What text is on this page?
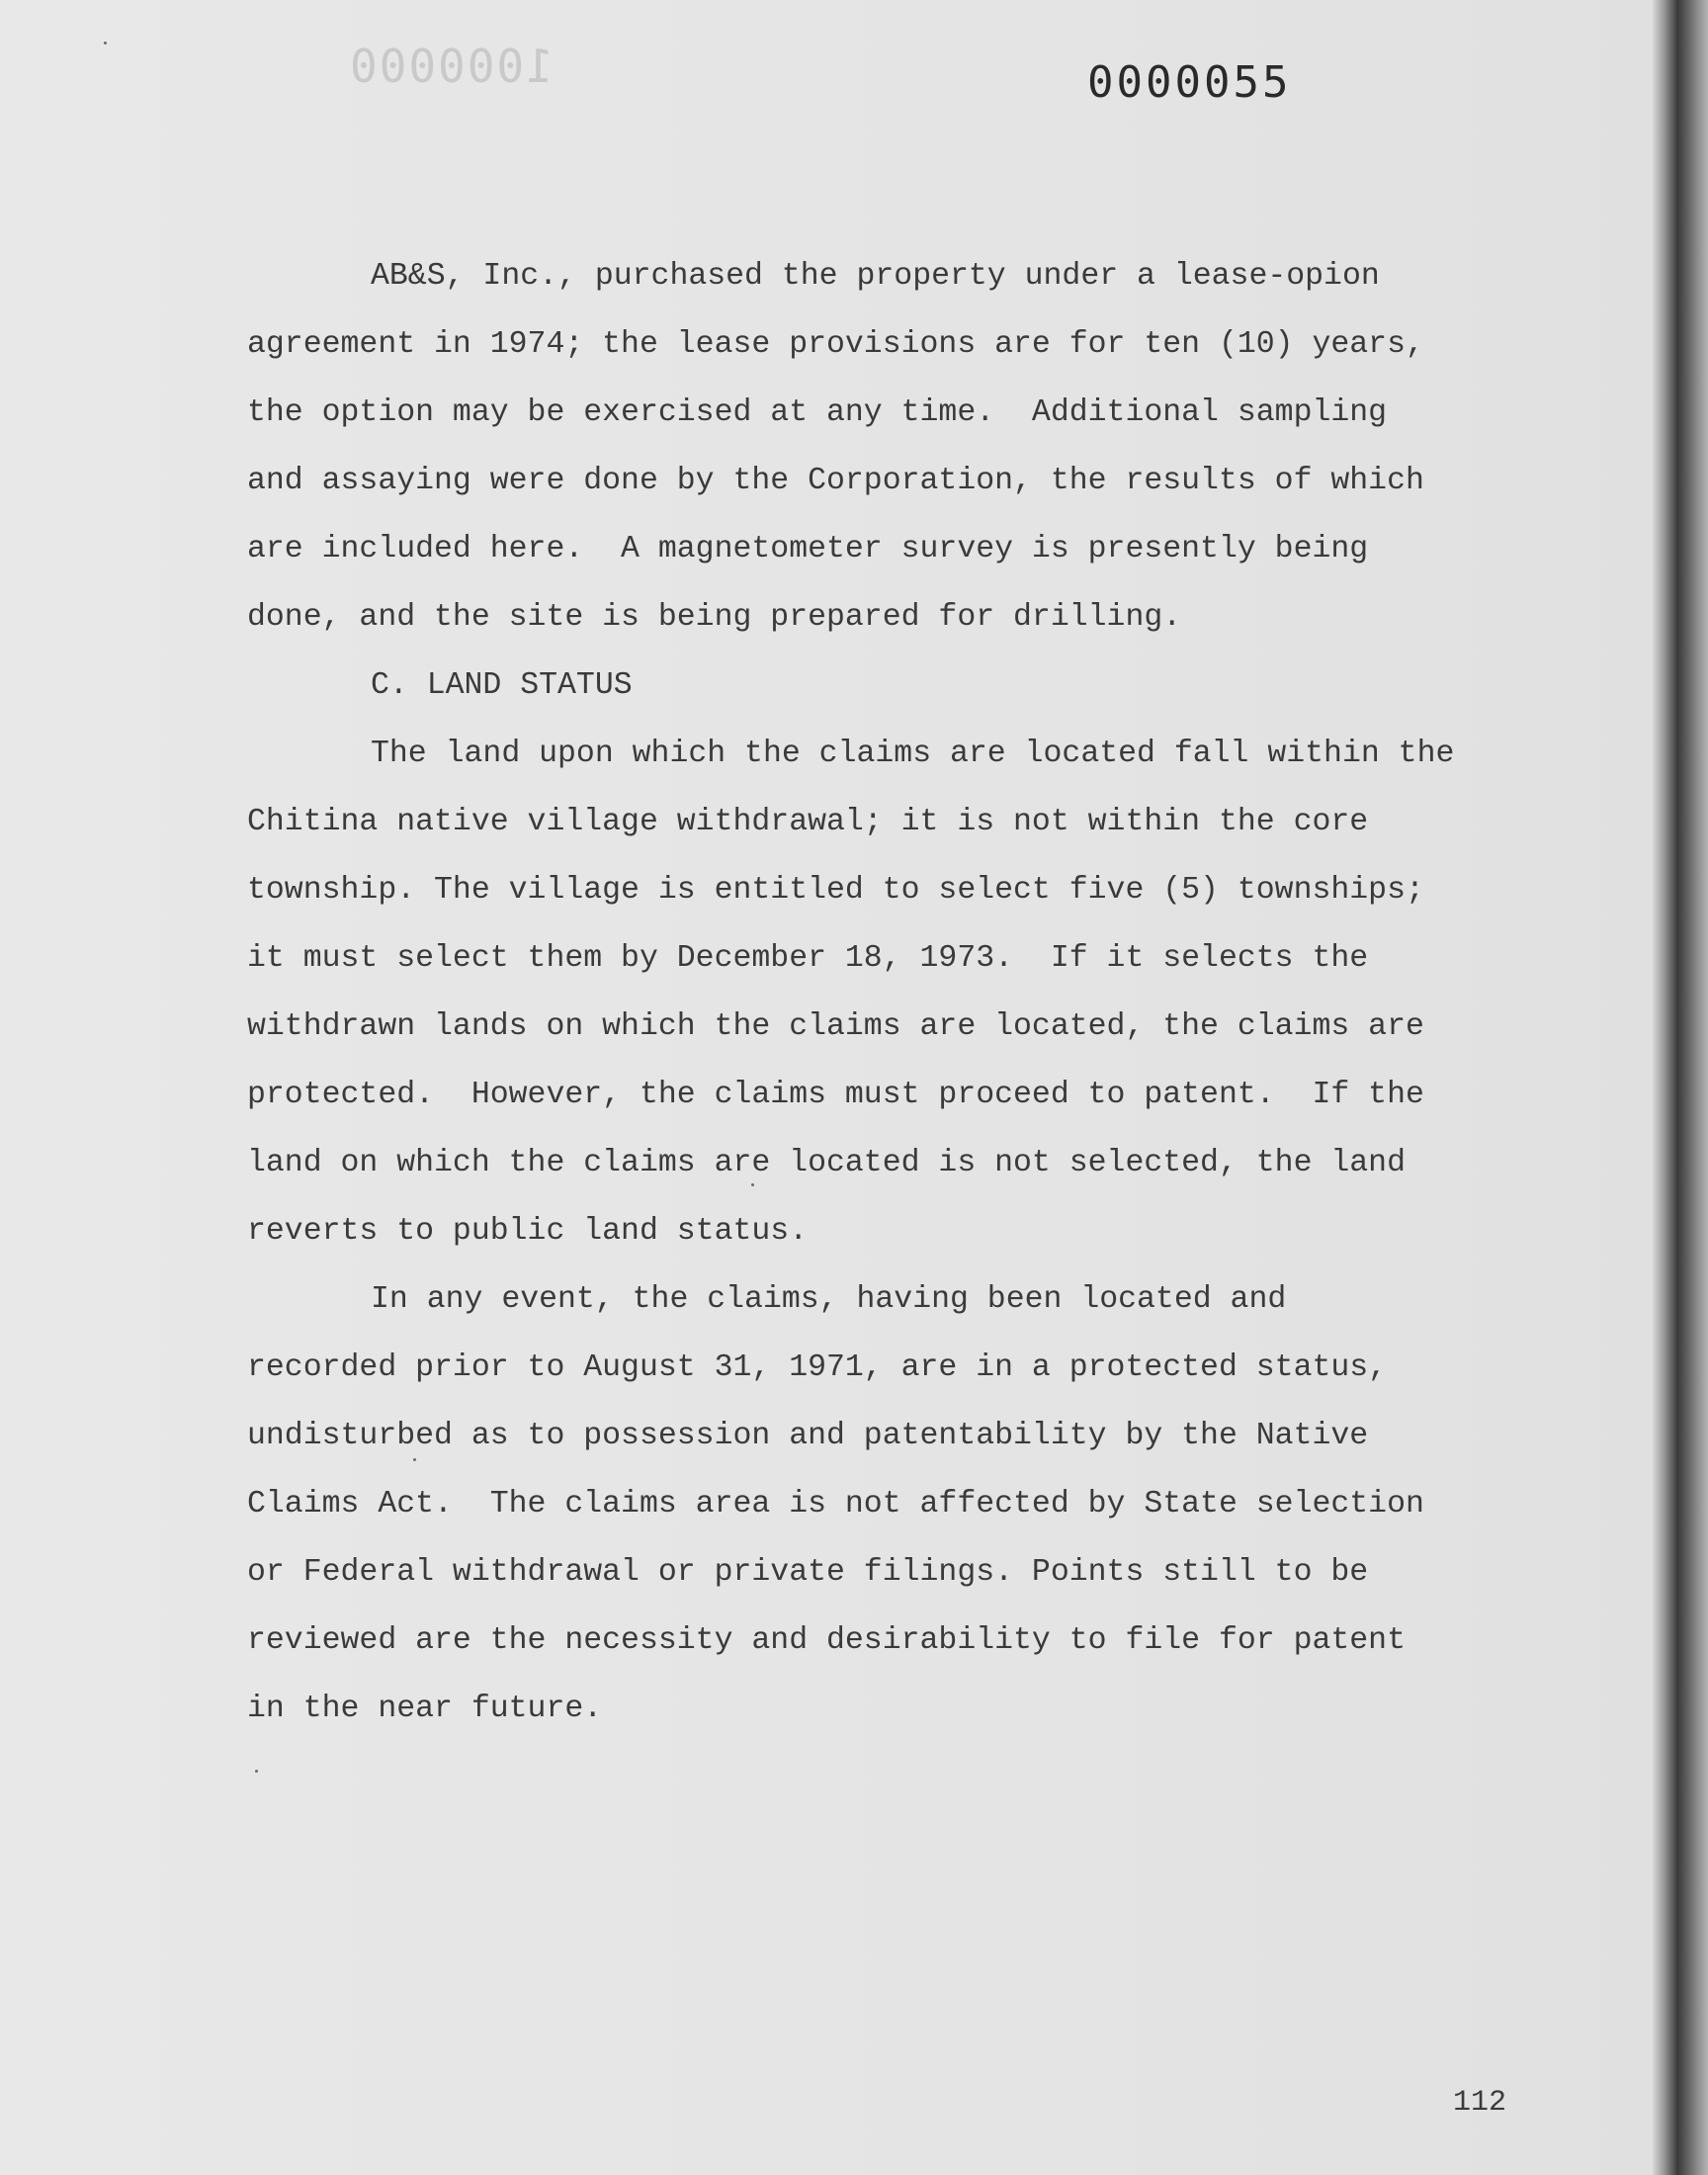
1000000	0000055
AB&S, Inc., purchased the property under a lease-opion
agreement in 1974; the lease provisions are for ten (10) years,
the option may be exercised at any time.  Additional sampling
and assaying were done by the Corporation, the results of which
are included here.  A magnetometer survey is presently being
done, and the site is being prepared for drilling.
C. LAND STATUS
The land upon which the claims are located fall within the
Chitina native village withdrawal; it is not within the core
township. The village is entitled to select five (5) townships;
it must select them by December 18, 1973.  If it selects the
withdrawn lands on which the claims are located, the claims are
protected.  However, the claims must proceed to patent.  If the
land on which the claims are located is not selected, the land
reverts to public land status.
In any event, the claims, having been located and
recorded prior to August 31, 1971, are in a protected status,
undisturbed as to possession and patentability by the Native
Claims Act.  The claims area is not affected by State selection
or Federal withdrawal or private filings. Points still to be
reviewed are the necessity and desirability to file for patent
in the near future.
112
